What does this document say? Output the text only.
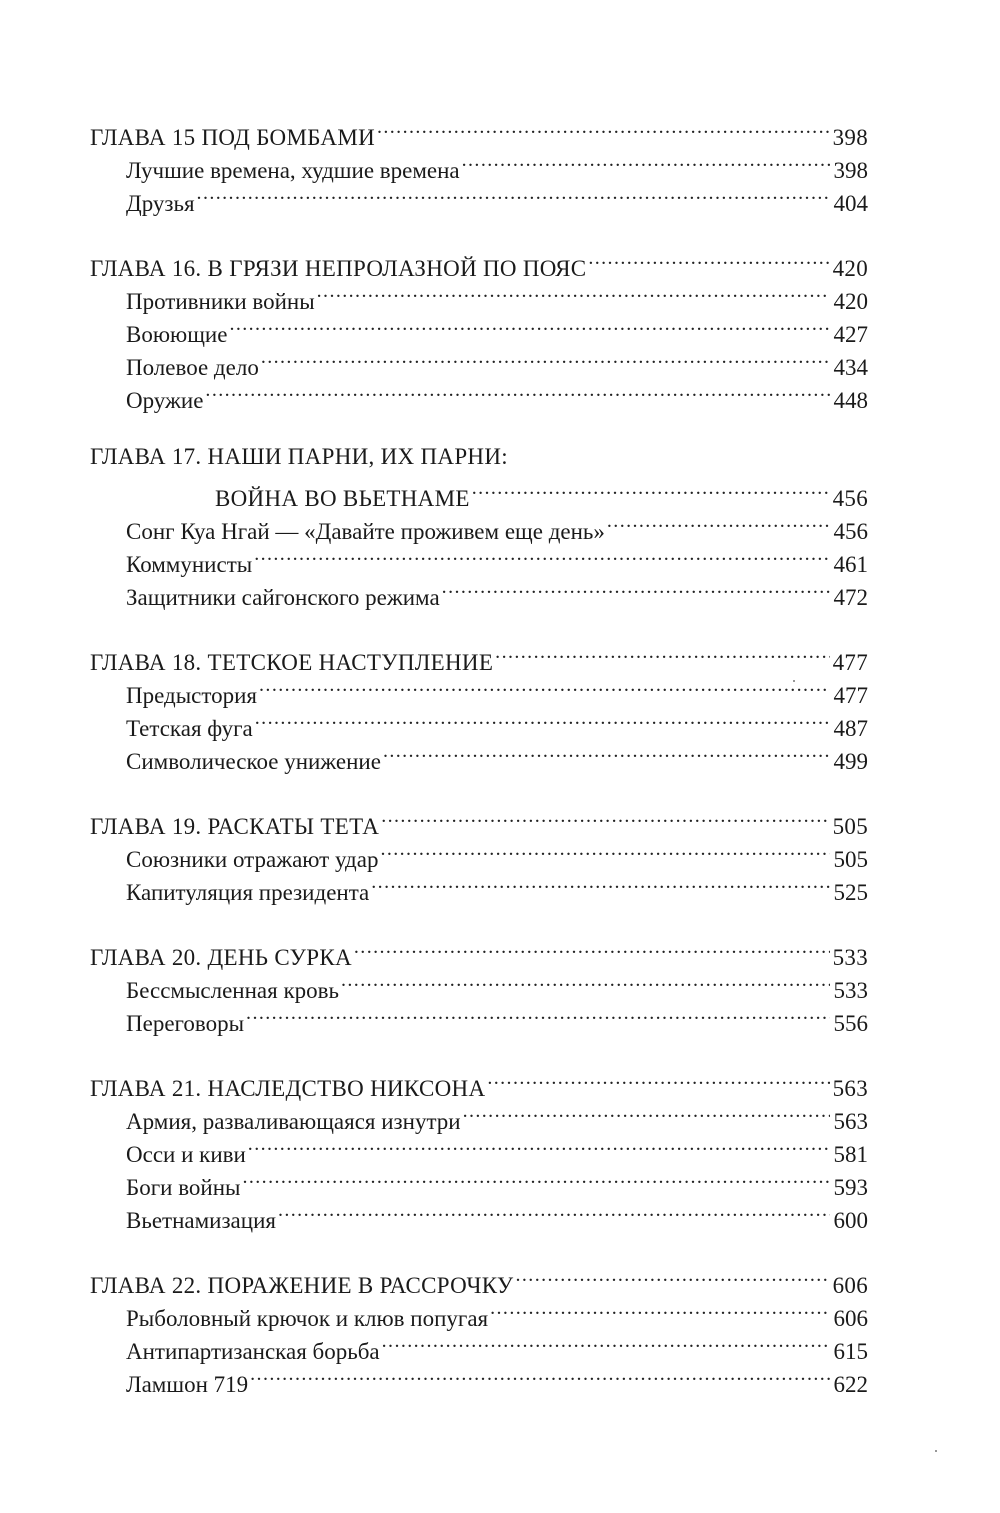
ГЛАВА 15 ПОД БОМБАМИ .....	398
Лучшие времена, худшие времена .....	398
Друзья .....	404
ГЛАВА 16. В ГРЯЗИ НЕПРОЛАЗНОЙ ПО ПОЯС .....	420
Противники войны .....	420
Воюющие .....	427
Полевое дело .....	434
Оружие .....	448
ГЛАВА 17. НАШИ ПАРНИ, ИХ ПАРНИ:
ВОЙНА ВО ВЬЕТНАМЕ .....	456
Сонг Куа Нгай — «Давайте проживем еще день» .....	456
Коммунисты .....	461
Защитники сайгонского режима .....	472
ГЛАВА 18. ТЕТСКОЕ НАСТУПЛЕНИЕ .....	477
Предыстория .....	477
Тетская фуга .....	487
Символическое унижение .....	499
ГЛАВА 19. РАСКАТЫ ТЕТА .....	505
Союзники отражают удар .....	505
Капитуляция президента .....	525
ГЛАВА 20. ДЕНЬ СУРКА .....	533
Бессмысленная кровь .....	533
Переговоры .....	556
ГЛАВА 21. НАСЛЕДСТВО НИКСОНА .....	563
Армия, разваливающаяся изнутри .....	563
Осси и киви .....	581
Боги войны .....	593
Вьетнамизация .....	600
ГЛАВА 22. ПОРАЖЕНИЕ В РАССРОЧКУ .....	606
Рыболовный крючок и клюв попугая .....	606
Антипартизанская борьба .....	615
Ламшон 719 .....	622
